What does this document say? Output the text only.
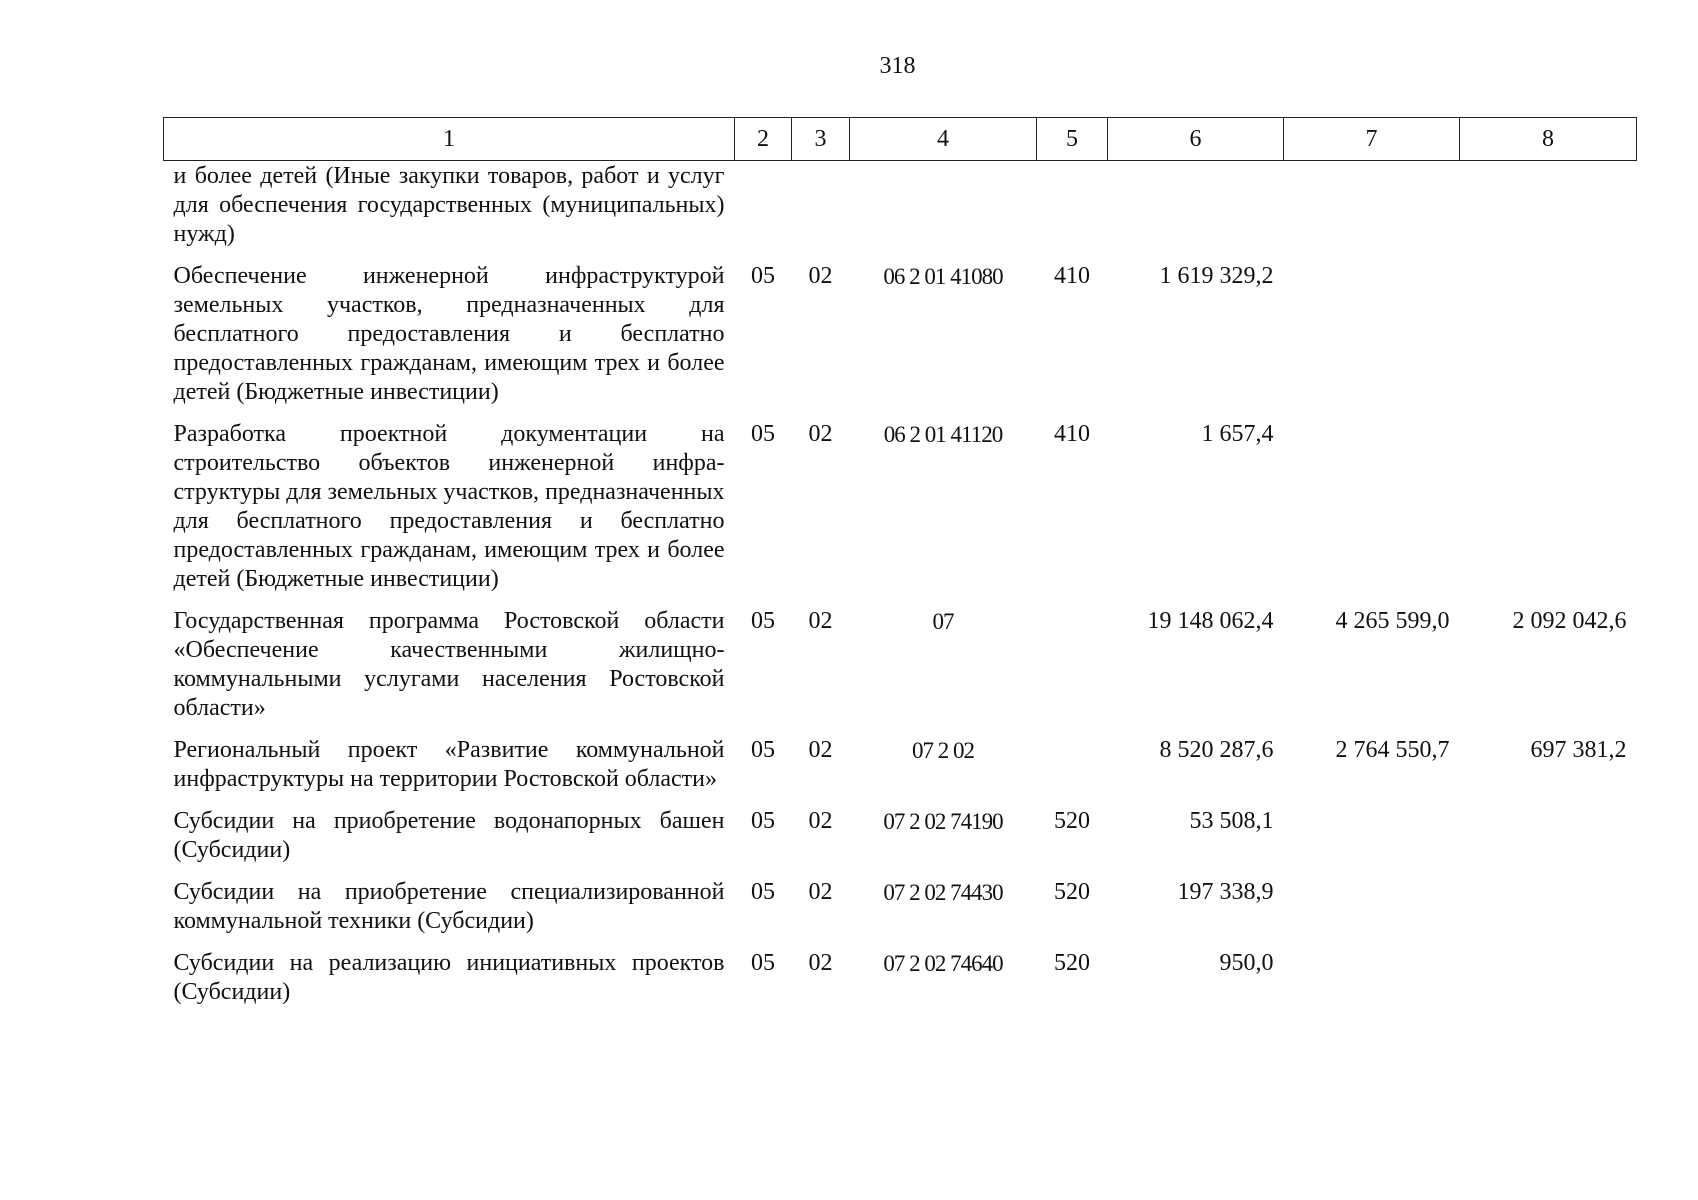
318
1	2	3	4	5	6	7	8
и более детей (Иные закупки товаров, работ и услуг для обеспечения государственных (муниципальных) нужд)							
Обеспечение инженерной инфраструктурой земельных участков, предназначенных для бесплатного предоставления и бесплатно предоставленных гражданам, имеющим трех и более детей (Бюджетные инвестиции)	05	02	06 2 01 41080	410	1 619 329,2		
Разработка проектной документации на строительство объектов инженерной инфраструктуры для земельных участков, предназначенных для бесплатного предоставления и бесплатно предоставленных гражданам, имеющим трех и более детей (Бюджетные инвестиции)	05	02	06 2 01 41120	410	1 657,4		
Государственная программа Ростовской области «Обеспечение качественными жилищно-коммунальными услугами населения Ростовской области»	05	02	07		19 148 062,4	4 265 599,0	2 092 042,6
Региональный проект «Развитие коммунальной инфраструктуры на территории Ростовской области»	05	02	07 2 02		8 520 287,6	2 764 550,7	697 381,2
Субсидии на приобретение водонапорных башен (Субсидии)	05	02	07 2 02 74190	520	53 508,1		
Субсидии на приобретение специализированной коммунальной техники (Субсидии)	05	02	07 2 02 74430	520	197 338,9		
Субсидии на реализацию инициативных проектов (Субсидии)	05	02	07 2 02 74640	520	950,0		
